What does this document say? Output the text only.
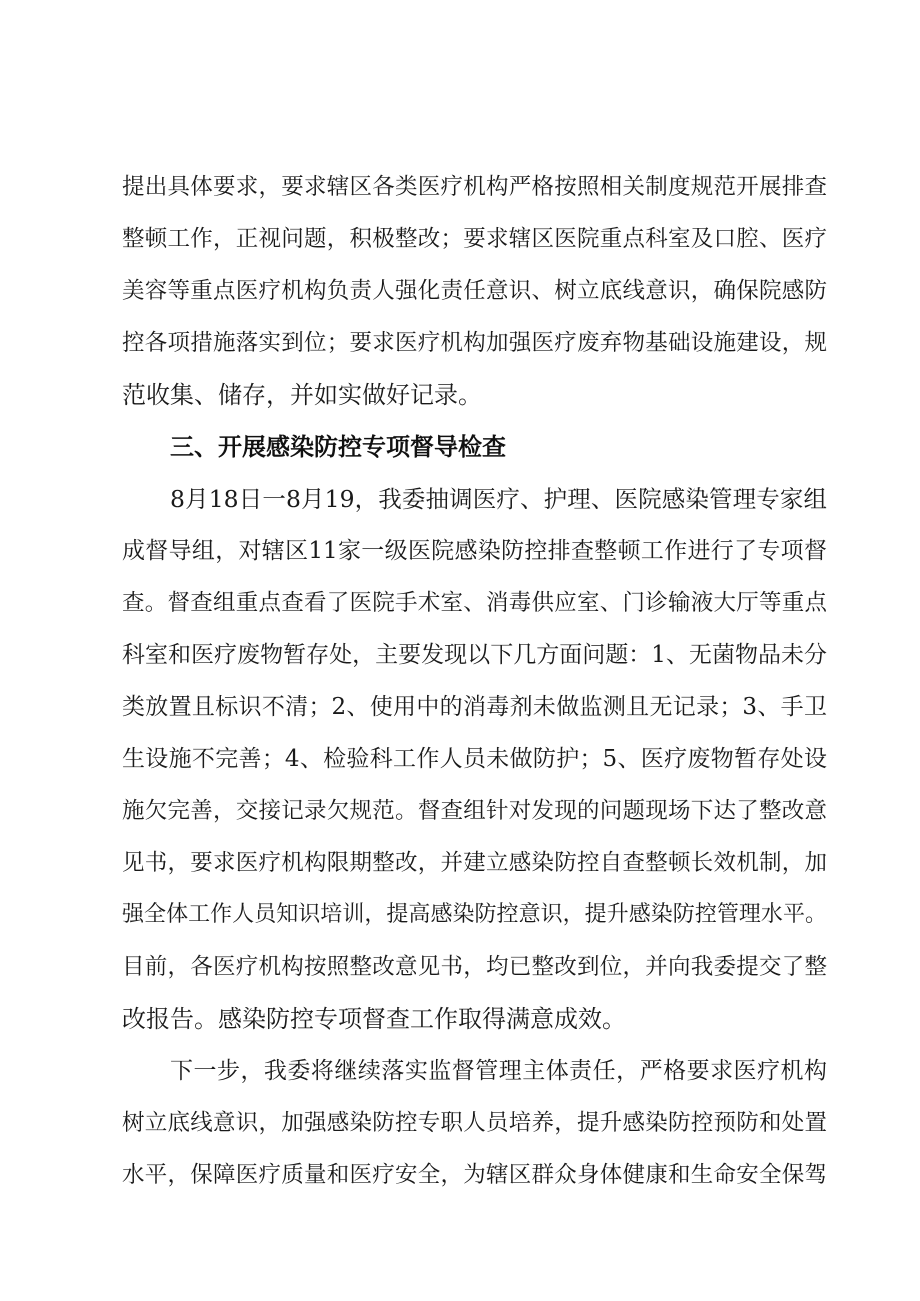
提出具体要求，要求辖区各类医疗机构严格按照相关制度规范开展排查
整顿工作，正视问题，积极整改；要求辖区医院重点科室及口腔、医疗
美容等重点医疗机构负责人强化责任意识、树立底线意识，确保院感防
控各项措施落实到位；要求医疗机构加强医疗废弃物基础设施建设，规
范收集、储存，并如实做好记录。
三、开展感染防控专项督导检查
8月18日一8月19，我委抽调医疗、护理、医院感染管理专家组
成督导组，对辖区11家一级医院感染防控排查整顿工作进行了专项督
查。督查组重点查看了医院手术室、消毒供应室、门诊输液大厅等重点
科室和医疗废物暂存处，主要发现以下几方面问题：1、无菌物品未分
类放置且标识不清；2、使用中的消毒剂未做监测且无记录；3、手卫
生设施不完善；4、检验科工作人员未做防护；5、医疗废物暂存处设
施欠完善，交接记录欠规范。督查组针对发现的问题现场下达了整改意
见书，要求医疗机构限期整改，并建立感染防控自查整顿长效机制，加
强全体工作人员知识培训，提高感染防控意识，提升感染防控管理水平。
目前，各医疗机构按照整改意见书，均已整改到位，并向我委提交了整
改报告。感染防控专项督查工作取得满意成效。
下一步，我委将继续落实监督管理主体责任，严格要求医疗机构
树立底线意识，加强感染防控专职人员培养，提升感染防控预防和处置
水平，保障医疗质量和医疗安全，为辖区群众身体健康和生命安全保驾
